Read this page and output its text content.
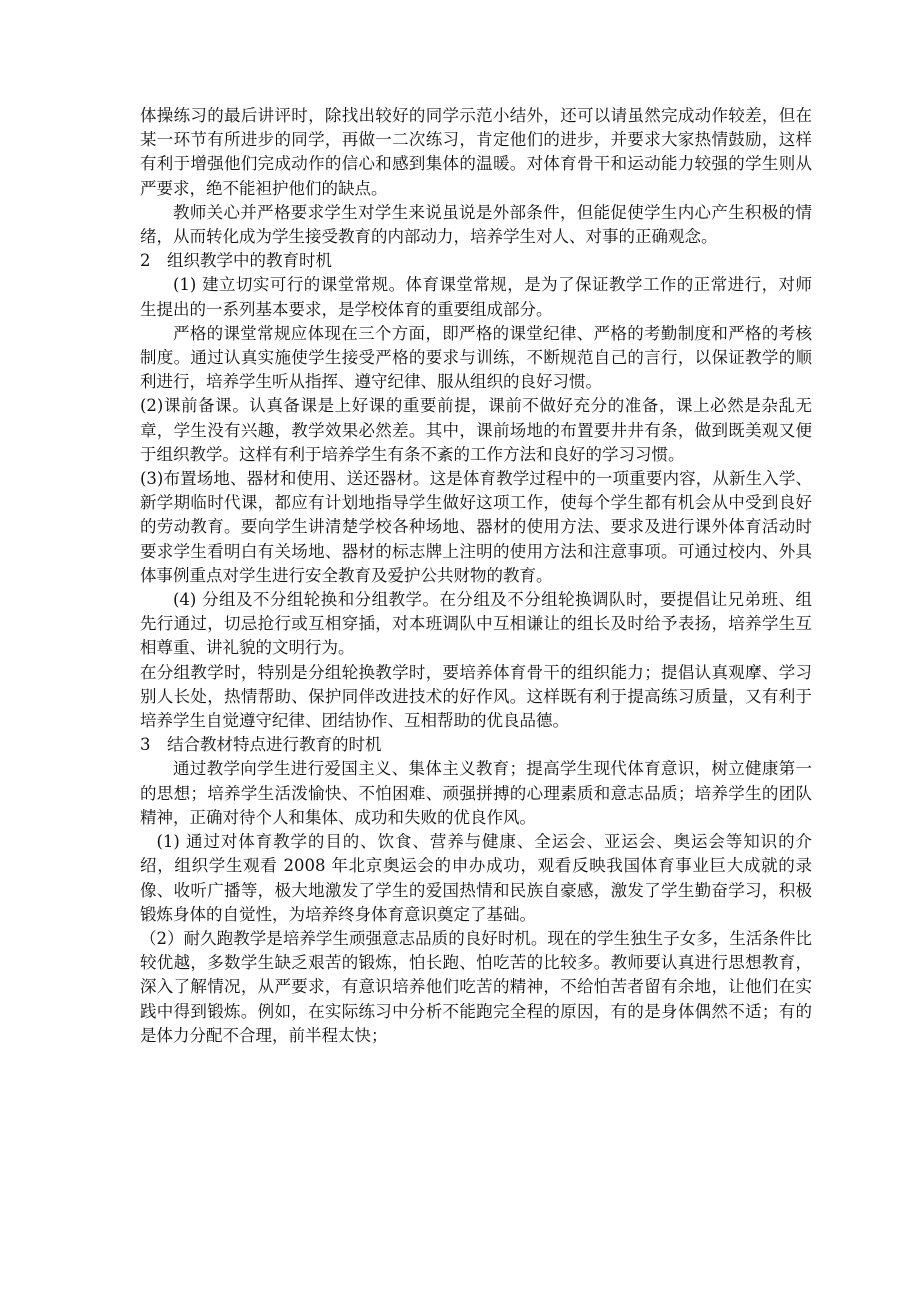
体操练习的最后讲评时，除找出较好的同学示范小结外，还可以请虽然完成动作较差，但在某一环节有所进步的同学，再做一二次练习，肯定他们的进步，并要求大家热情鼓励，这样有利于增强他们完成动作的信心和感到集体的温暖。对体育骨干和运动能力较强的学生则从严要求，绝不能袒护他们的缺点。

教师关心并严格要求学生对学生来说虽说是外部条件，但能促使学生内心产生积极的情绪，从而转化成为学生接受教育的内部动力，培养学生对人、对事的正确观念。

2　组织教学中的教育时机

(1) 建立切实可行的课堂常规。体育课堂常规，是为了保证教学工作的正常进行，对师生提出的一系列基本要求，是学校体育的重要组成部分。

严格的课堂常规应体现在三个方面，即严格的课堂纪律、严格的考勤制度和严格的考核制度。通过认真实施使学生接受严格的要求与训练，不断规范自己的言行，以保证教学的顺利进行，培养学生听从指挥、遵守纪律、服从组织的良好习惯。

(2)课前备课。认真备课是上好课的重要前提，课前不做好充分的准备，课上必然是杂乱无章，学生没有兴趣，教学效果必然差。其中，课前场地的布置要井井有条，做到既美观又便于组织教学。这样有利于培养学生有条不紊的工作方法和良好的学习习惯。

(3)布置场地、器材和使用、送还器材。这是体育教学过程中的一项重要内容，从新生入学、新学期临时代课，都应有计划地指导学生做好这项工作，使每个学生都有机会从中受到良好的劳动教育。要向学生讲清楚学校各种场地、器材的使用方法、要求及进行课外体育活动时要求学生看明白有关场地、器材的标志牌上注明的使用方法和注意事项。可通过校内、外具体事例重点对学生进行安全教育及爱护公共财物的教育。

(4) 分组及不分组轮换和分组教学。在分组及不分组轮换调队时，要提倡让兄弟班、组先行通过，切忌抢行或互相穿插，对本班调队中互相谦让的组长及时给予表扬，培养学生互相尊重、讲礼貌的文明行为。

在分组教学时，特别是分组轮换教学时，要培养体育骨干的组织能力；提倡认真观摩、学习别人长处，热情帮助、保护同伴改进技术的好作风。这样既有利于提高练习质量，又有利于培养学生自觉遵守纪律、团结协作、互相帮助的优良品德。

3　结合教材特点进行教育的时机

通过教学向学生进行爱国主义、集体主义教育；提高学生现代体育意识，树立健康第一的思想；培养学生活泼愉快、不怕困难、顽强拼搏的心理素质和意志品质；培养学生的团队精神，正确对待个人和集体、成功和失败的优良作风。

(1) 通过对体育教学的目的、饮食、营养与健康、全运会、亚运会、奥运会等知识的介绍，组织学生观看 2008 年北京奥运会的申办成功，观看反映我国体育事业巨大成就的录像、收听广播等，极大地激发了学生的爱国热情和民族自豪感，激发了学生勤奋学习，积极锻炼身体的自觉性，为培养终身体育意识奠定了基础。

（2）耐久跑教学是培养学生顽强意志品质的良好时机。现在的学生独生子女多，生活条件比较优越，多数学生缺乏艰苦的锻炼，怕长跑、怕吃苦的比较多。教师要认真进行思想教育，深入了解情况，从严要求，有意识培养他们吃苦的精神，不给怕苦者留有余地，让他们在实践中得到锻炼。例如，在实际练习中分析不能跑完全程的原因，有的是身体偶然不适；有的是体力分配不合理，前半程太快；
